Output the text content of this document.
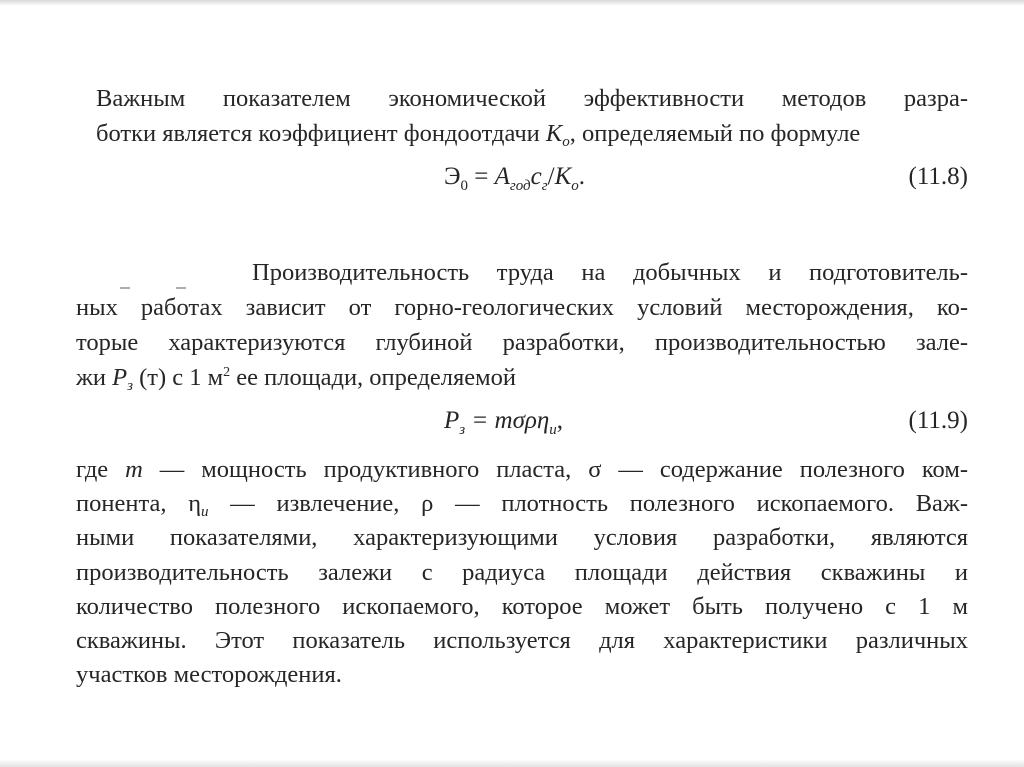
Важным показателем экономической эффективности методов разра-
ботки является коэффициент фондоотдачи $К_o$, определяемый по формуле
$Э_0 = А_{год}с_г/К_о$.	(11.8)
Производительность труда на добычных и подготовитель-
ных работах зависит от горно-геологических условий месторождения, ко-
торые характеризуются глубиной разработки, производительностью зале-
жи $Р_з$ (т) с 1 $м^2$ ее площади, определяемой
$Р_з = m\sigma\rho\eta_и$,	(11.9)
где m — мощность продуктивного пласта, σ — содержание полезного ком-
понента, $\eta_и$ — извлечение, ρ — плотность полезного ископаемого. Важ-
ными показателями, характеризующими условия разработки, являются
производительность залежи с радиуса площади действия скважины и
количество полезного ископаемого, которое может быть получено с 1 м
скважины. Этот показатель используется для характеристики различных
участков месторождения.
